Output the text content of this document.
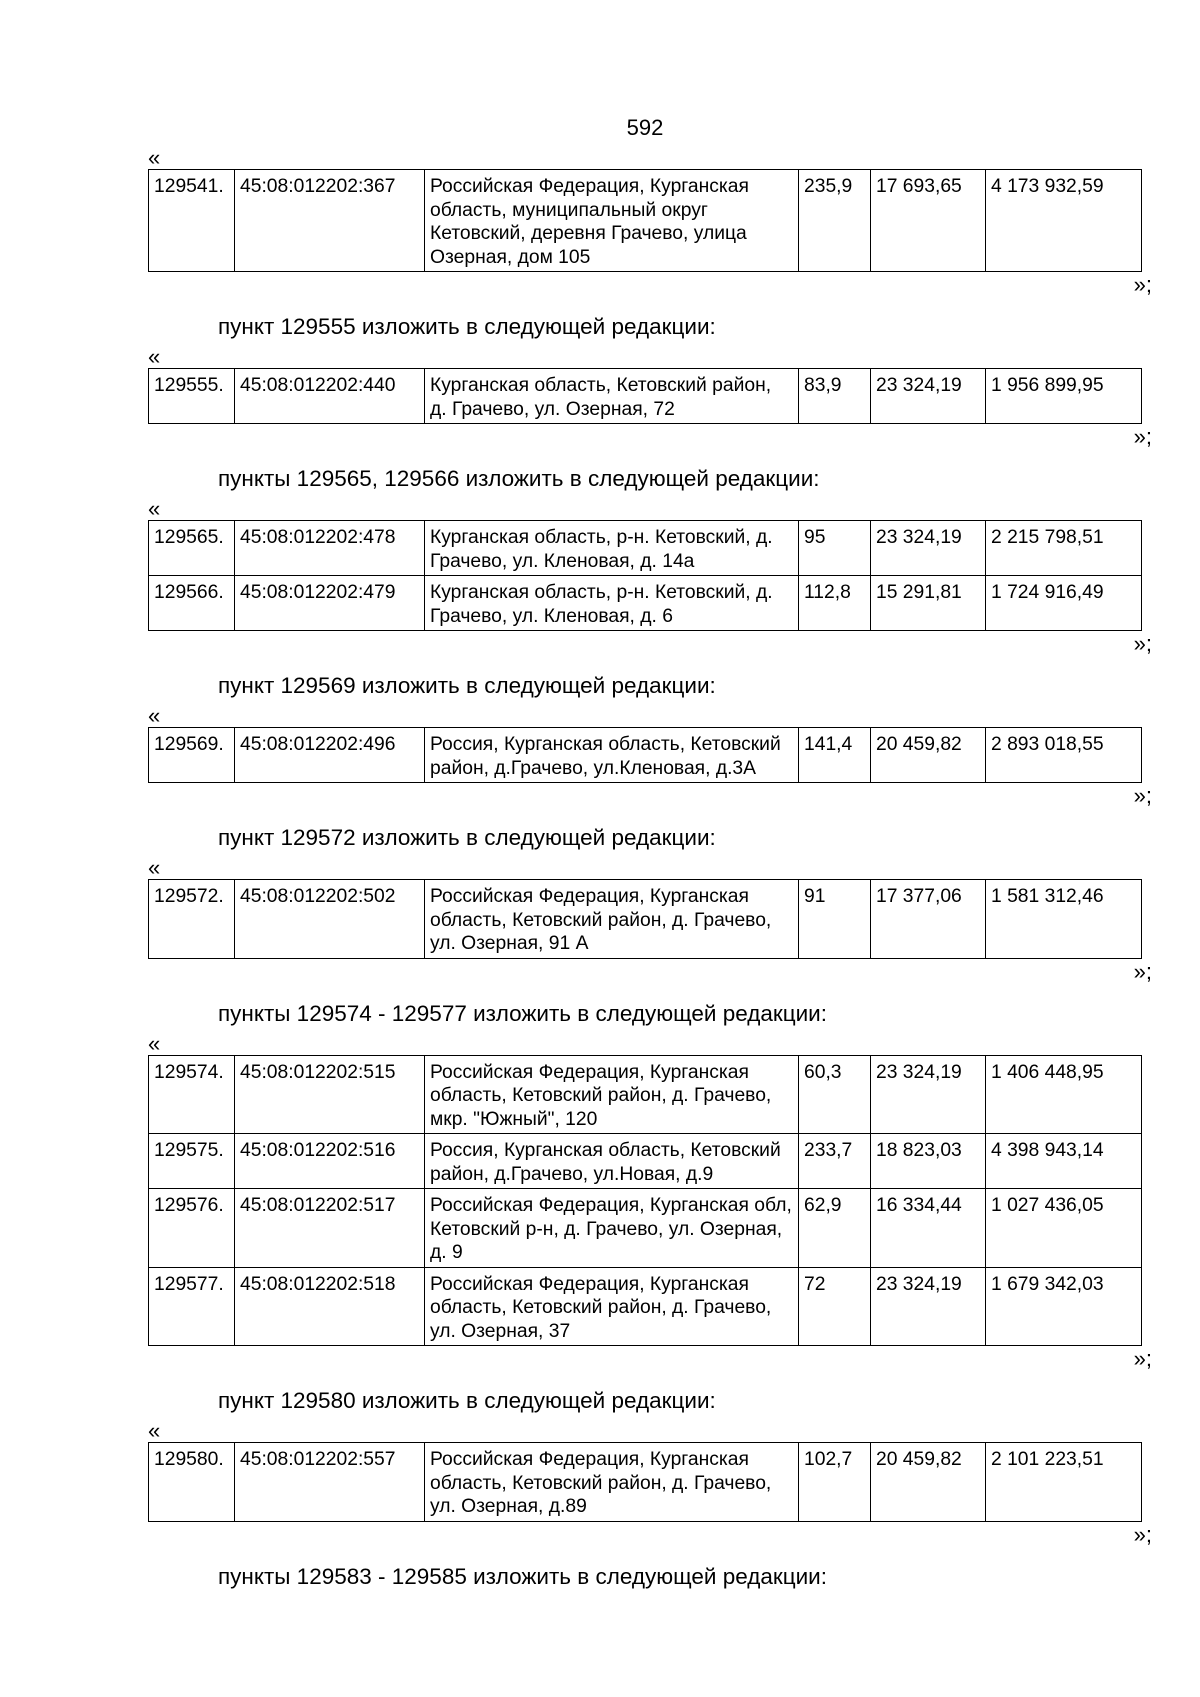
592
«
129541.	45:08:012202:367	Российская Федерация, Курганская область, муниципальный округ Кетовский, деревня Грачево, улица Озерная, дом 105	235,9	17 693,65	4 173 932,59
»;
пункт 129555 изложить в следующей редакции:
«
129555.	45:08:012202:440	Курганская область, Кетовский район, д. Грачево, ул. Озерная, 72	83,9	23 324,19	1 956 899,95
»;
пункты 129565, 129566 изложить в следующей редакции:
«
129565.	45:08:012202:478	Курганская область, р-н. Кетовский, д. Грачево, ул. Кленовая, д. 14а	95	23 324,19	2 215 798,51
129566.	45:08:012202:479	Курганская область, р-н. Кетовский, д. Грачево, ул. Кленовая, д. 6	112,8	15 291,81	1 724 916,49
»;
пункт 129569 изложить в следующей редакции:
«
129569.	45:08:012202:496	Россия, Курганская область, Кетовский район, д.Грачево, ул.Кленовая, д.3А	141,4	20 459,82	2 893 018,55
»;
пункт 129572 изложить в следующей редакции:
«
129572.	45:08:012202:502	Российская Федерация, Курганская область, Кетовский район, д. Грачево, ул. Озерная, 91 А	91	17 377,06	1 581 312,46
»;
пункты 129574 - 129577 изложить в следующей редакции:
«
129574.	45:08:012202:515	Российская Федерация, Курганская область, Кетовский район, д. Грачево, мкр. "Южный", 120	60,3	23 324,19	1 406 448,95
129575.	45:08:012202:516	Россия, Курганская область, Кетовский район, д.Грачево, ул.Новая, д.9	233,7	18 823,03	4 398 943,14
129576.	45:08:012202:517	Российская Федерация, Курганская обл, Кетовский р-н, д. Грачево, ул. Озерная, д. 9	62,9	16 334,44	1 027 436,05
129577.	45:08:012202:518	Российская Федерация, Курганская область, Кетовский район, д. Грачево, ул. Озерная, 37	72	23 324,19	1 679 342,03
»;
пункт 129580 изложить в следующей редакции:
«
129580.	45:08:012202:557	Российская Федерация, Курганская область, Кетовский район, д. Грачево, ул. Озерная, д.89	102,7	20 459,82	2 101 223,51
»;
пункты 129583 - 129585 изложить в следующей редакции:
